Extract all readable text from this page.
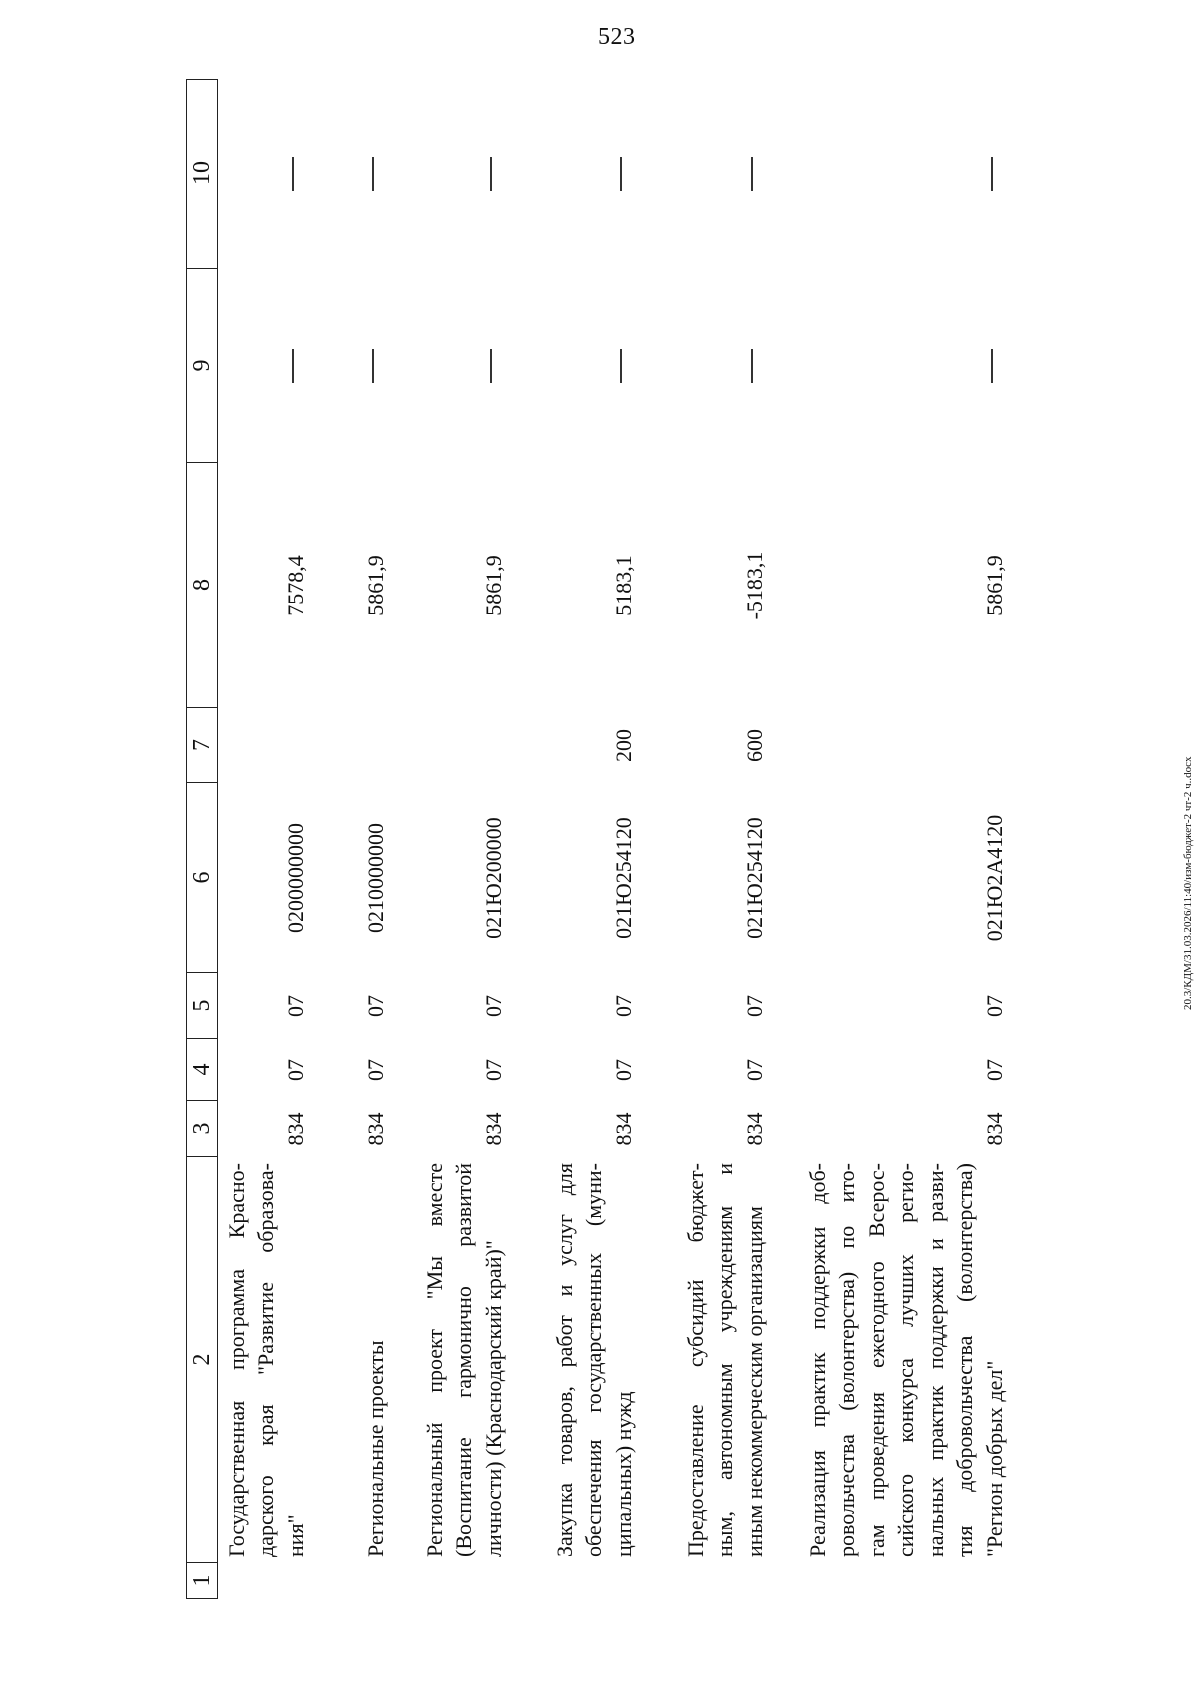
523
1
2
3
4
5
6
7
8
9
10
Государственная программа Красно- дарского края "Развитие образова- ния"
834
07
07
0200000000
7578,4
Региональные проекты
834
07
07
0210000000
5861,9
Региональный проект "Мы вместе (Воспитание гармонично развитой личности) (Краснодарский край)"
834
07
07
021Ю200000
5861,9
Закупка товаров, работ и услуг для обеспечения государственных (муни- ципальных) нужд
834
07
07
021Ю254120
200
5183,1
Предоставление субсидий бюджет- ным, автономным учреждениям и иным некоммерческим организациям
834
07
07
021Ю254120
600
-5183,1
Реализация практик поддержки доб- ровольчества (волонтерства) по ито- гам проведения ежегодного Всерос- сийского конкурса лучших регио- нальных практик поддержки и разви- тия добровольчества (волонтерства) "Регион добрых дел"
834
07
07
021Ю2А4120
5861,9
20.3/КДМ/31.03.2026/11:40/изм-бюджет-2 чт-2 ч..docx
